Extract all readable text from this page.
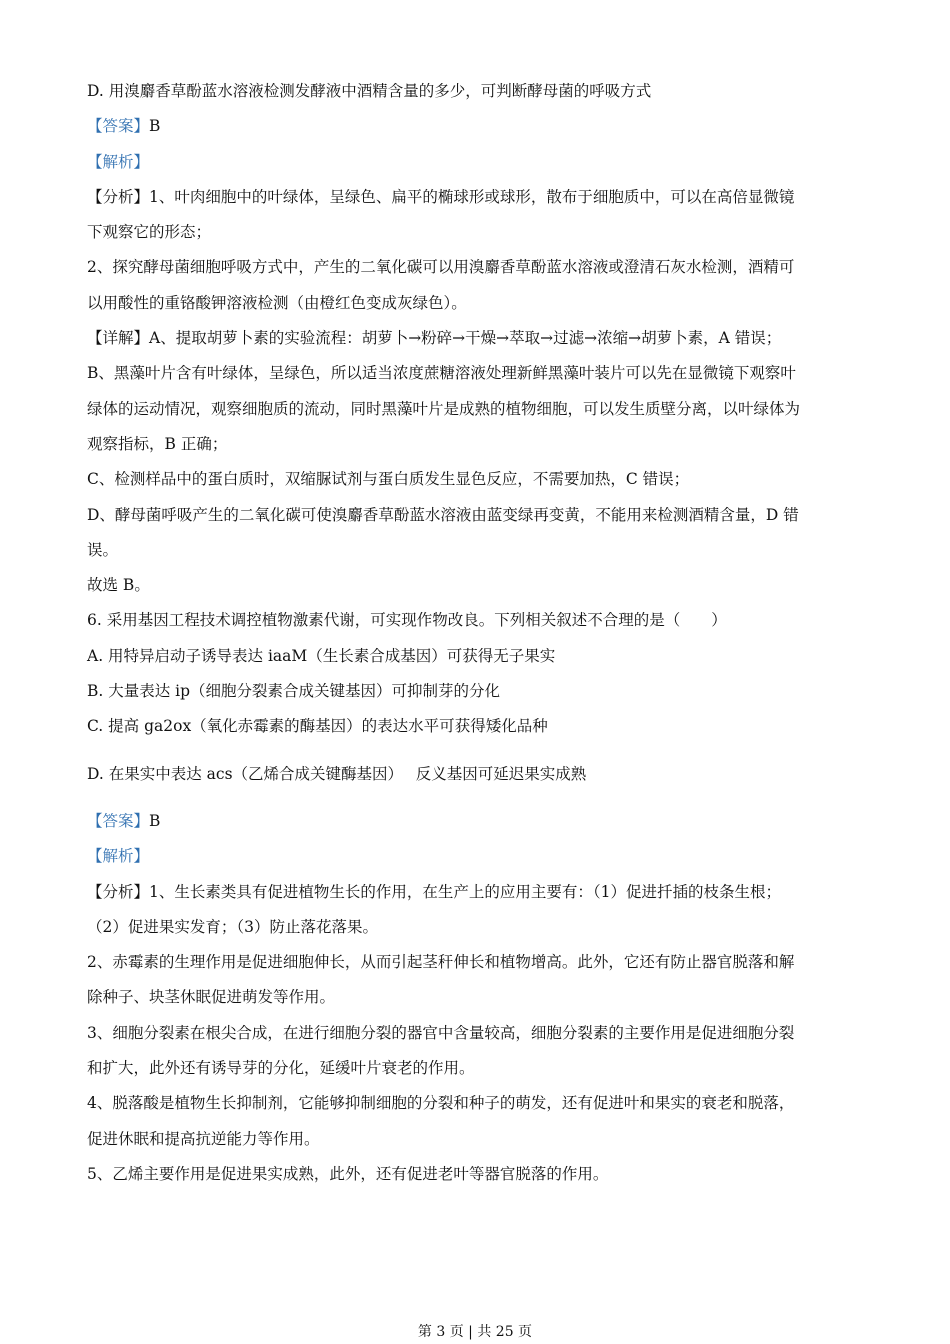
D. 用溴麝香草酚蓝水溶液检测发酵液中酒精含量的多少，可判断酵母菌的呼吸方式
【答案】B
【解析】
【分析】1、叶肉细胞中的叶绿体，呈绿色、扁平的椭球形或球形，散布于细胞质中，可以在高倍显微镜
下观察它的形态；
2、探究酵母菌细胞呼吸方式中，产生的二氧化碳可以用溴麝香草酚蓝水溶液或澄清石灰水检测，酒精可
以用酸性的重铬酸钾溶液检测（由橙红色变成灰绿色）。
【详解】A、提取胡萝卜素的实验流程：胡萝卜→粉碎→干燥→萃取→过滤→浓缩→胡萝卜素，A 错误；
B、黑藻叶片含有叶绿体，呈绿色，所以适当浓度蔗糖溶液处理新鲜黑藻叶装片可以先在显微镜下观察叶
绿体的运动情况，观察细胞质的流动，同时黑藻叶片是成熟的植物细胞，可以发生质壁分离，以叶绿体为
观察指标，B 正确；
C、检测样品中的蛋白质时，双缩脲试剂与蛋白质发生显色反应，不需要加热，C 错误；
D、酵母菌呼吸产生的二氧化碳可使溴麝香草酚蓝水溶液由蓝变绿再变黄，不能用来检测酒精含量，D 错
误。
故选 B。
6. 采用基因工程技术调控植物激素代谢，可实现作物改良。下列相关叙述不合理的是（　　）
A. 用特异启动子诱导表达 iaaM（生长素合成基因）可获得无子果实
B. 大量表达 ip（细胞分裂素合成关键基因）可抑制芽的分化
C. 提高 ga2ox（氧化赤霉素的酶基因）的表达水平可获得矮化品种
D. 在果实中表达 acs（乙烯合成关键酶基因）　 反义基因可延迟果实成熟
【答案】B
【解析】
【分析】1、生长素类具有促进植物生长的作用，在生产上的应用主要有：（1）促进扦插的枝条生根；
（2）促进果实发育；（3）防止落花落果。
2、赤霉素的生理作用是促进细胞伸长，从而引起茎秆伸长和植物增高。此外，它还有防止器官脱落和解
除种子、块茎休眠促进萌发等作用。
3、细胞分裂素在根尖合成，在进行细胞分裂的器官中含量较高，细胞分裂素的主要作用是促进细胞分裂
和扩大，此外还有诱导芽的分化，延缓叶片衰老的作用。
4、脱落酸是植物生长抑制剂，它能够抑制细胞的分裂和种子的萌发，还有促进叶和果实的衰老和脱落，
促进休眠和提高抗逆能力等作用。
5、乙烯主要作用是促进果实成熟，此外，还有促进老叶等器官脱落的作用。
第 3 页 | 共 25 页
